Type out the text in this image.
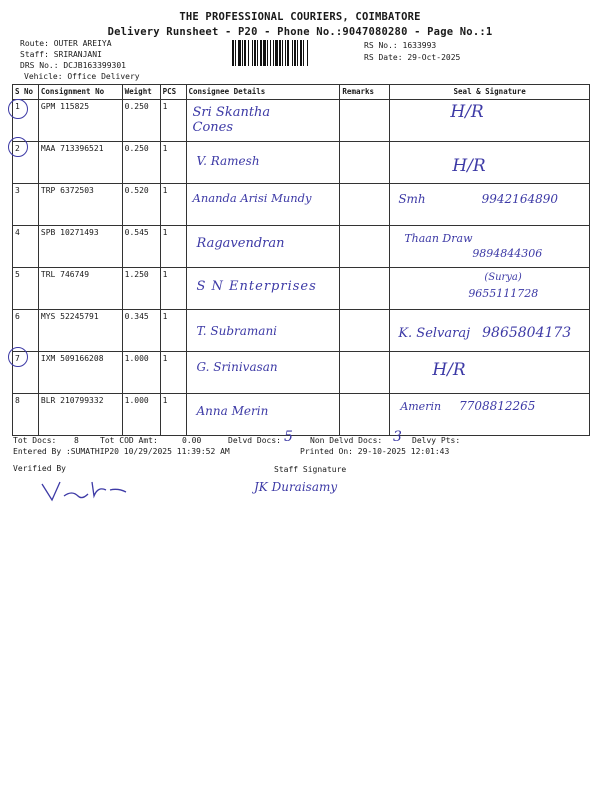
THE PROFESSIONAL COURIERS, COIMBATORE
Delivery Runsheet - P20 - Phone No.:9047080280 - Page No.:1
Route: OUTER AREIYA
Staff: SRIRANJANI
DRS No.: DCJB163399301
Vehicle: Office Delivery
RS No.: 1633993
RS Date: 29-Oct-2025
S No	Consignment No	Weight	PCS	Consignee Details	Remarks	Seal & Signature
1	GPM 115825	0.250	1	Sri Skantha Cones		H/R
2	MAA 713396521	0.250	1	V. Ramesh		H/R

3	TRP 6372503	0.520	1	Ananda Arisi Mundy		Smh 9942164890
4	SPB 10271493	0.545	1	Ragavendran		Thaan Draw
9894844306

5	TRL 746749	1.250	1	S N Enterprises		(Surya)
9655111728

6	MYS 52245791	0.345	1	T. Subramani		K. Selvaraj 9865804173
7	IXM 509166208	1.000	1	G. Srinivasan		H/R

8	BLR 210799332	1.000	1	Anna Merin		Amerin 7708812265
Tot Docs: 8	Tot COD Amt:	0.00	Delvd Docs: 5 Non Delvd Docs: 3 Delvy Pts:
Entered By :SUMATHIP20 10/29/2025 11:39:52 AM	Printed On: 29-10-2025 12:01:43
Verified By	Staff Signature
JK Duraisamy
